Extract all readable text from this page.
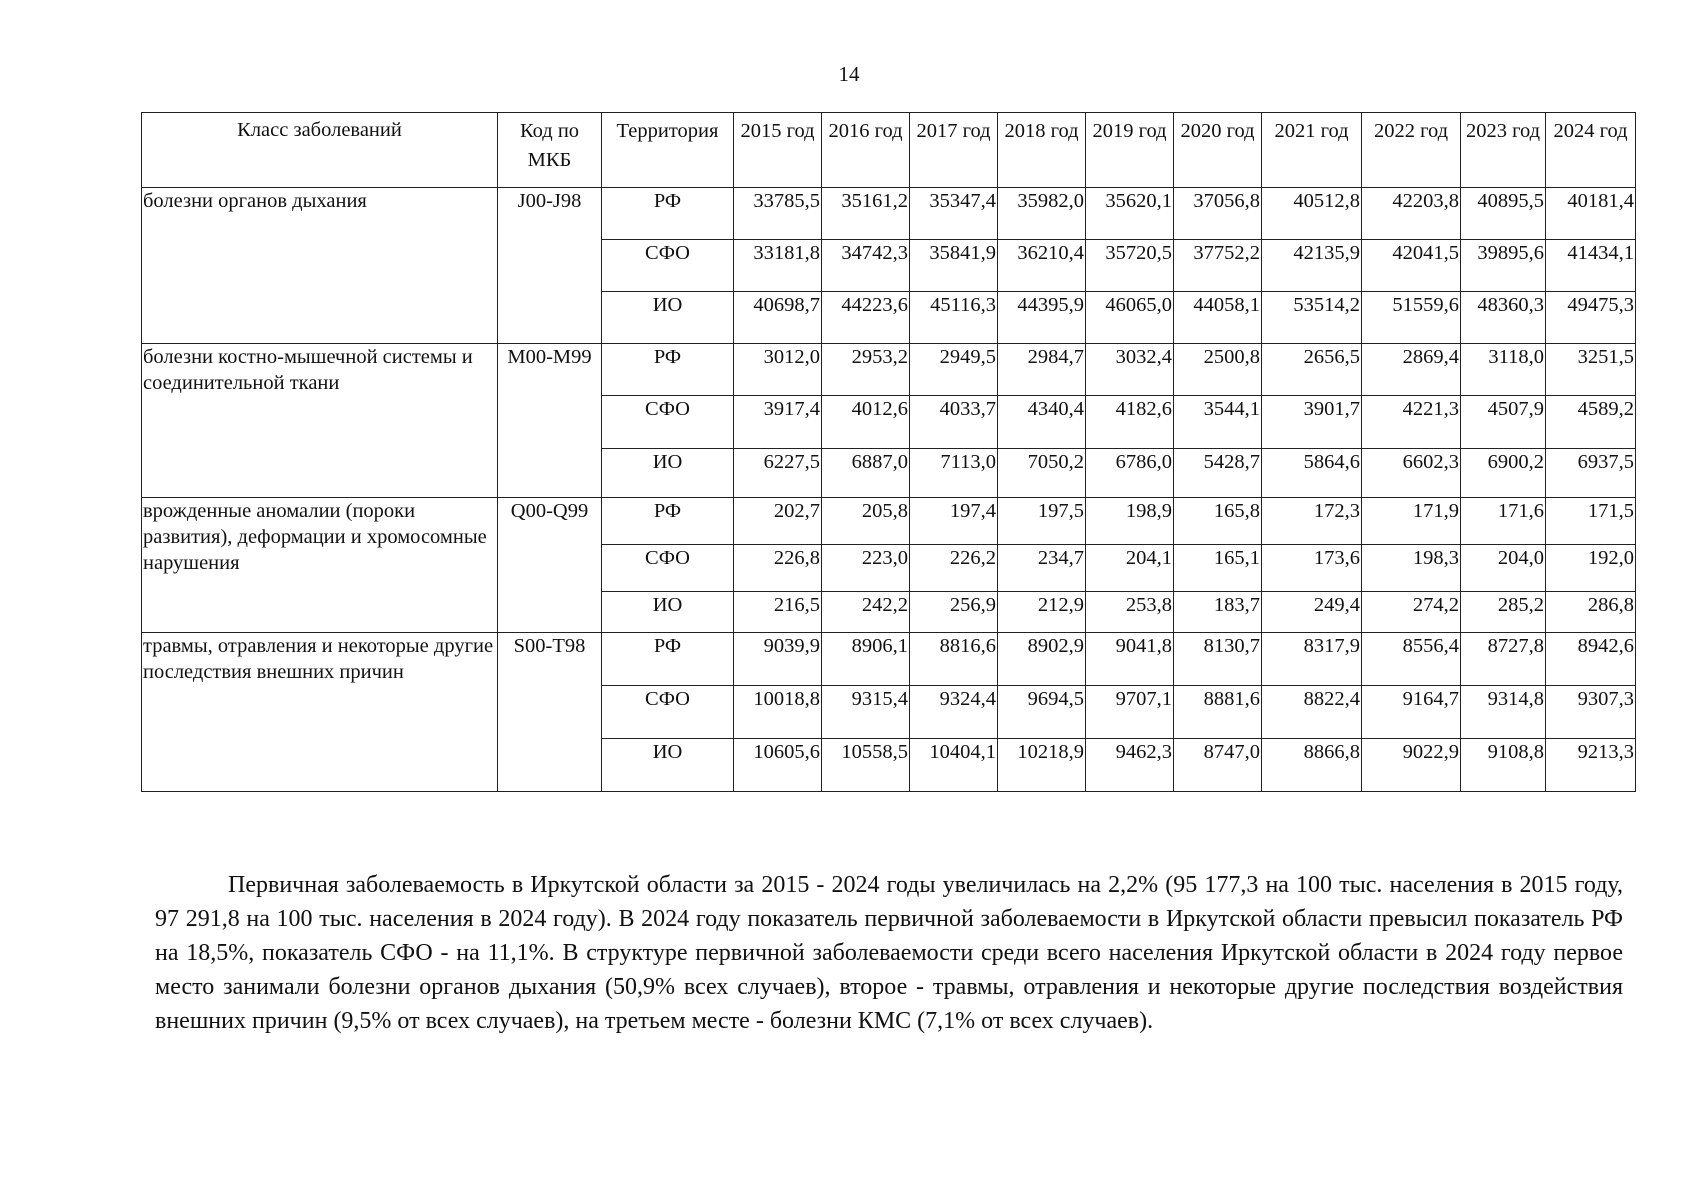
14
Класс заболеваний	Код по МКБ	Территория	2015 год	2016 год	2017 год	2018 год	2019 год	2020 год	2021 год	2022 год	2023 год	2024 год
болезни органов дыхания	J00-J98	РФ	33785,5	35161,2	35347,4	35982,0	35620,1	37056,8	40512,8	42203,8	40895,5	40181,4
		СФО	33181,8	34742,3	35841,9	36210,4	35720,5	37752,2	42135,9	42041,5	39895,6	41434,1
		ИО	40698,7	44223,6	45116,3	44395,9	46065,0	44058,1	53514,2	51559,6	48360,3	49475,3
болезни костно-мышечной системы и соединительной ткани	M00-M99	РФ	3012,0	2953,2	2949,5	2984,7	3032,4	2500,8	2656,5	2869,4	3118,0	3251,5
		СФО	3917,4	4012,6	4033,7	4340,4	4182,6	3544,1	3901,7	4221,3	4507,9	4589,2
		ИО	6227,5	6887,0	7113,0	7050,2	6786,0	5428,7	5864,6	6602,3	6900,2	6937,5
врожденные аномалии (пороки развития), деформации и хромосомные нарушения	Q00-Q99	РФ	202,7	205,8	197,4	197,5	198,9	165,8	172,3	171,9	171,6	171,5
		СФО	226,8	223,0	226,2	234,7	204,1	165,1	173,6	198,3	204,0	192,0
		ИО	216,5	242,2	256,9	212,9	253,8	183,7	249,4	274,2	285,2	286,8
травмы, отравления и некоторые другие последствия внешних причин	S00-T98	РФ	9039,9	8906,1	8816,6	8902,9	9041,8	8130,7	8317,9	8556,4	8727,8	8942,6
		СФО	10018,8	9315,4	9324,4	9694,5	9707,1	8881,6	8822,4	9164,7	9314,8	9307,3
		ИО	10605,6	10558,5	10404,1	10218,9	9462,3	8747,0	8866,8	9022,9	9108,8	9213,3

Первичная заболеваемость в Иркутской области за 2015 - 2024 годы увеличилась на 2,2% (95 177,3 на 100 тыс. населения в 2015 году, 97 291,8 на 100 тыс. населения в 2024 году). В 2024 году показатель первичной заболеваемости в Иркутской области превысил показатель РФ на 18,5%, показатель СФО - на 11,1%. В структуре первичной заболеваемости среди всего населения Иркутской области в 2024 году первое место занимали болезни органов дыхания (50,9% всех случаев), второе - травмы, отравления и некоторые другие последствия воздействия внешних причин (9,5% от всех случаев), на третьем месте - болезни КМС (7,1% от всех случаев).
